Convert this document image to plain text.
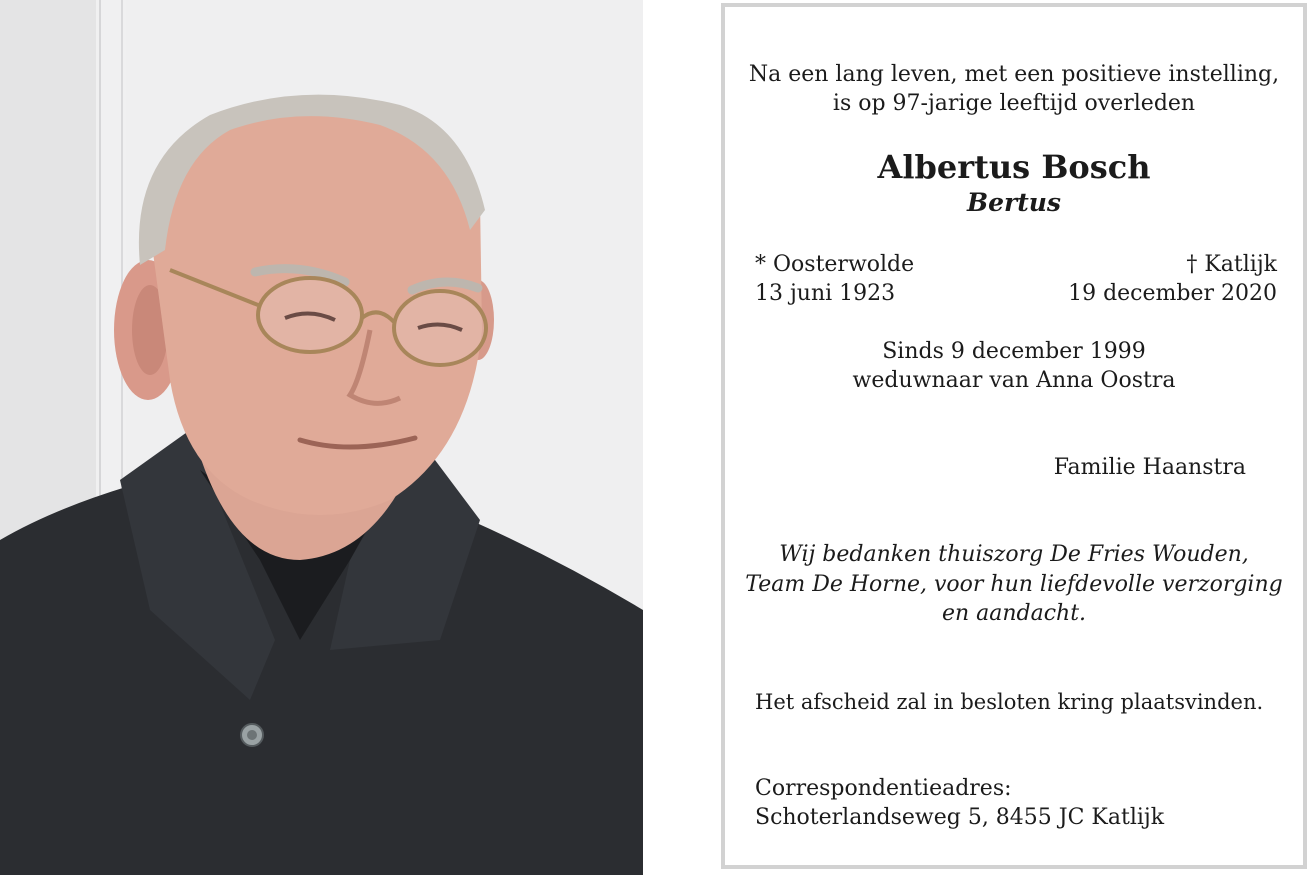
Na een lang leven, met een positieve instelling,
is op 97-jarige leeftijd overleden
Albertus Bosch
Bertus
* Oosterwolde
13 juni 1923
† Katlijk
19 december 2020
Sinds 9 december 1999
weduwnaar van Anna Oostra
Familie Haanstra
Wij bedanken thuiszorg De Fries Wouden,
Team De Horne, voor hun liefdevolle verzorging
en aandacht.
Het afscheid zal in besloten kring plaatsvinden.
Correspondentieadres:
Schoterlandseweg 5, 8455 JC Katlijk
